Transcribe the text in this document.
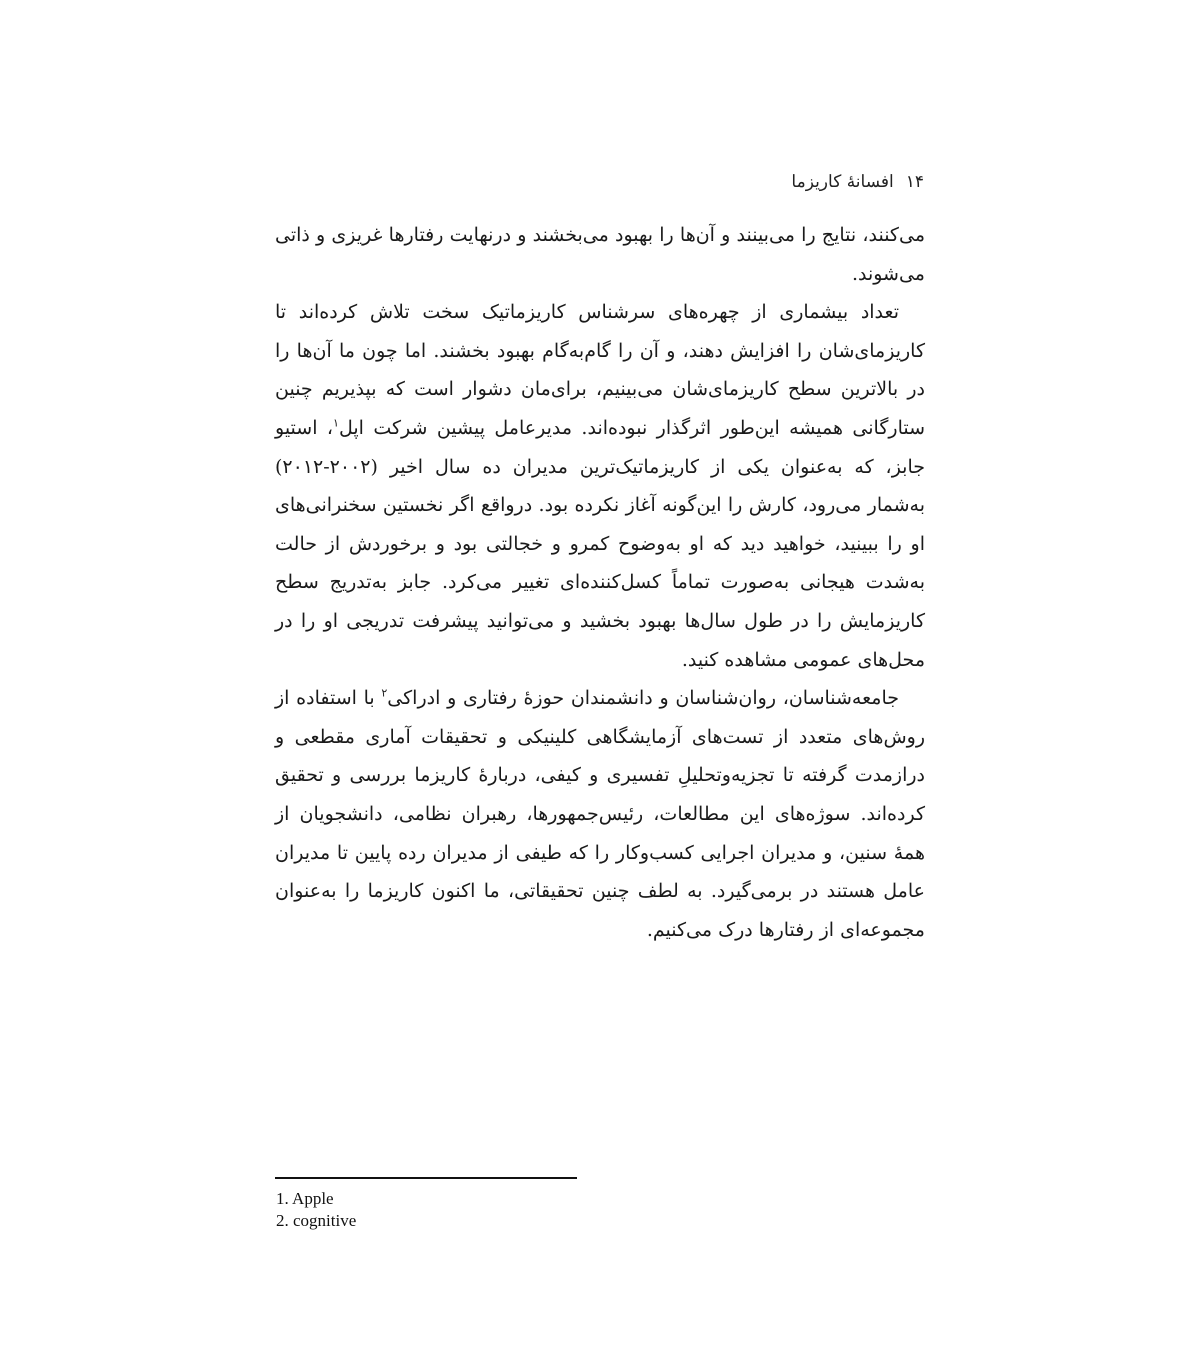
۱۴افسانهٔ کاریزما

می‌کنند، نتایج را می‌بینند و آن‌ها را بهبود می‌بخشند و درنهایت رفتارها غریزی و ذاتی می‌شوند.

تعداد بیشماری از چهره‌های سرشناس کاریزماتیک سخت تلاش کرده‌اند تا کاریزمای‌شان را افزایش دهند، و آن را گام‌به‌گام بهبود بخشند. اما چون ما آن‌ها را در بالاترین سطح کاریزمای‌شان می‌بینیم، برای‌مان دشوار است که بپذیریم چنین ستارگانی همیشه این‌طور اثرگذار نبوده‌اند. مدیرعامل پیشین شرکت اپل$^۱$، استیو جابز، که به‌عنوان یکی از کاریزماتیک‌ترین مدیران ده سال اخیر (۲۰۰۲-۲۰۱۲) به‌شمار می‌رود، کارش را این‌گونه آغاز نکرده بود. درواقع اگر نخستین سخنرانی‌های او را ببینید، خواهید دید که او به‌وضوح کمرو و خجالتی بود و برخوردش از حالت به‌شدت هیجانی به‌صورت تماماً کسل‌کننده‌ای تغییر می‌کرد. جابز به‌تدریج سطح کاریزمایش را در طول سال‌ها بهبود بخشید و می‌توانید پیشرفت تدریجی او را در محل‌های عمومی مشاهده کنید.

جامعه‌شناسان، روان‌شناسان و دانشمندان حوزهٔ رفتاری و ادراکی$^۲$ با استفاده از روش‌های متعدد از تست‌های آزمایشگاهی کلینیکی و تحقیقات آماری مقطعی و درازمدت گرفته تا تجزیه‌وتحلیلِ تفسیری و کیفی، دربارهٔ کاریزما بررسی و تحقیق کرده‌اند. سوژه‌های این مطالعات، رئیس‌جمهورها، رهبران نظامی، دانشجویان از همهٔ سنین، و مدیران اجرایی کسب‌وکار را که طیفی از مدیران رده پایین تا مدیران عامل هستند در برمی‌گیرد. به لطف چنین تحقیقاتی، ما اکنون کاریزما را به‌عنوان مجموعه‌ای از رفتارها درک می‌کنیم.

1. Apple
2. cognitive
